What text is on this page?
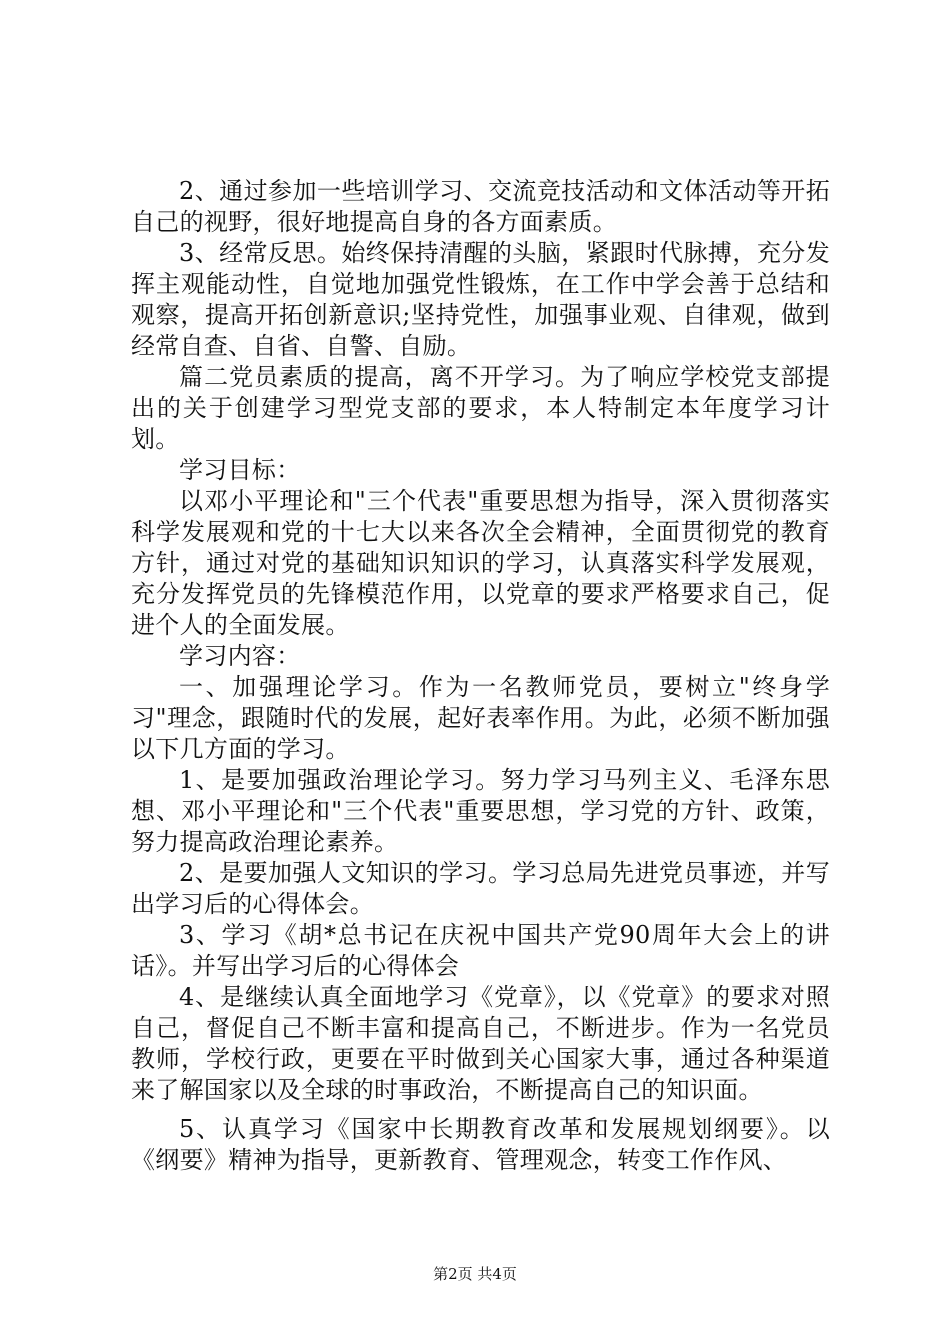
2、通过参加一些培训学习、交流竞技活动和文体活动等开拓自己的视野，很好地提高自身的各方面素质。

3、经常反思。始终保持清醒的头脑，紧跟时代脉搏，充分发挥主观能动性，自觉地加强党性锻炼，在工作中学会善于总结和观察，提高开拓创新意识;坚持党性，加强事业观、自律观，做到经常自查、自省、自警、自励。

篇二党员素质的提高，离不开学习。为了响应学校党支部提出的关于创建学习型党支部的要求，本人特制定本年度学习计划。

学习目标：

以邓小平理论和"三个代表"重要思想为指导，深入贯彻落实科学发展观和党的十七大以来各次全会精神，全面贯彻党的教育方针，通过对党的基础知识知识的学习，认真落实科学发展观，充分发挥党员的先锋模范作用，以党章的要求严格要求自己，促进个人的全面发展。

学习内容：

一、加强理论学习。作为一名教师党员，要树立"终身学习"理念，跟随时代的发展，起好表率作用。为此，必须不断加强以下几方面的学习。

1、是要加强政治理论学习。努力学习马列主义、毛泽东思想、邓小平理论和"三个代表"重要思想，学习党的方针、政策，努力提高政治理论素养。

2、是要加强人文知识的学习。学习总局先进党员事迹，并写出学习后的心得体会。

3、学习《胡*总书记在庆祝中国共产党90周年大会上的讲话》。并写出学习后的心得体会

4、是继续认真全面地学习《党章》，以《党章》的要求对照自己，督促自己不断丰富和提高自己，不断进步。作为一名党员教师，学校行政，更要在平时做到关心国家大事，通过各种渠道来了解国家以及全球的时事政治，不断提高自己的知识面。

5、认真学习《国家中长期教育改革和发展规划纲要》。以《纲要》精神为指导，更新教育、管理观念，转变工作作风、

第2页 共4页
